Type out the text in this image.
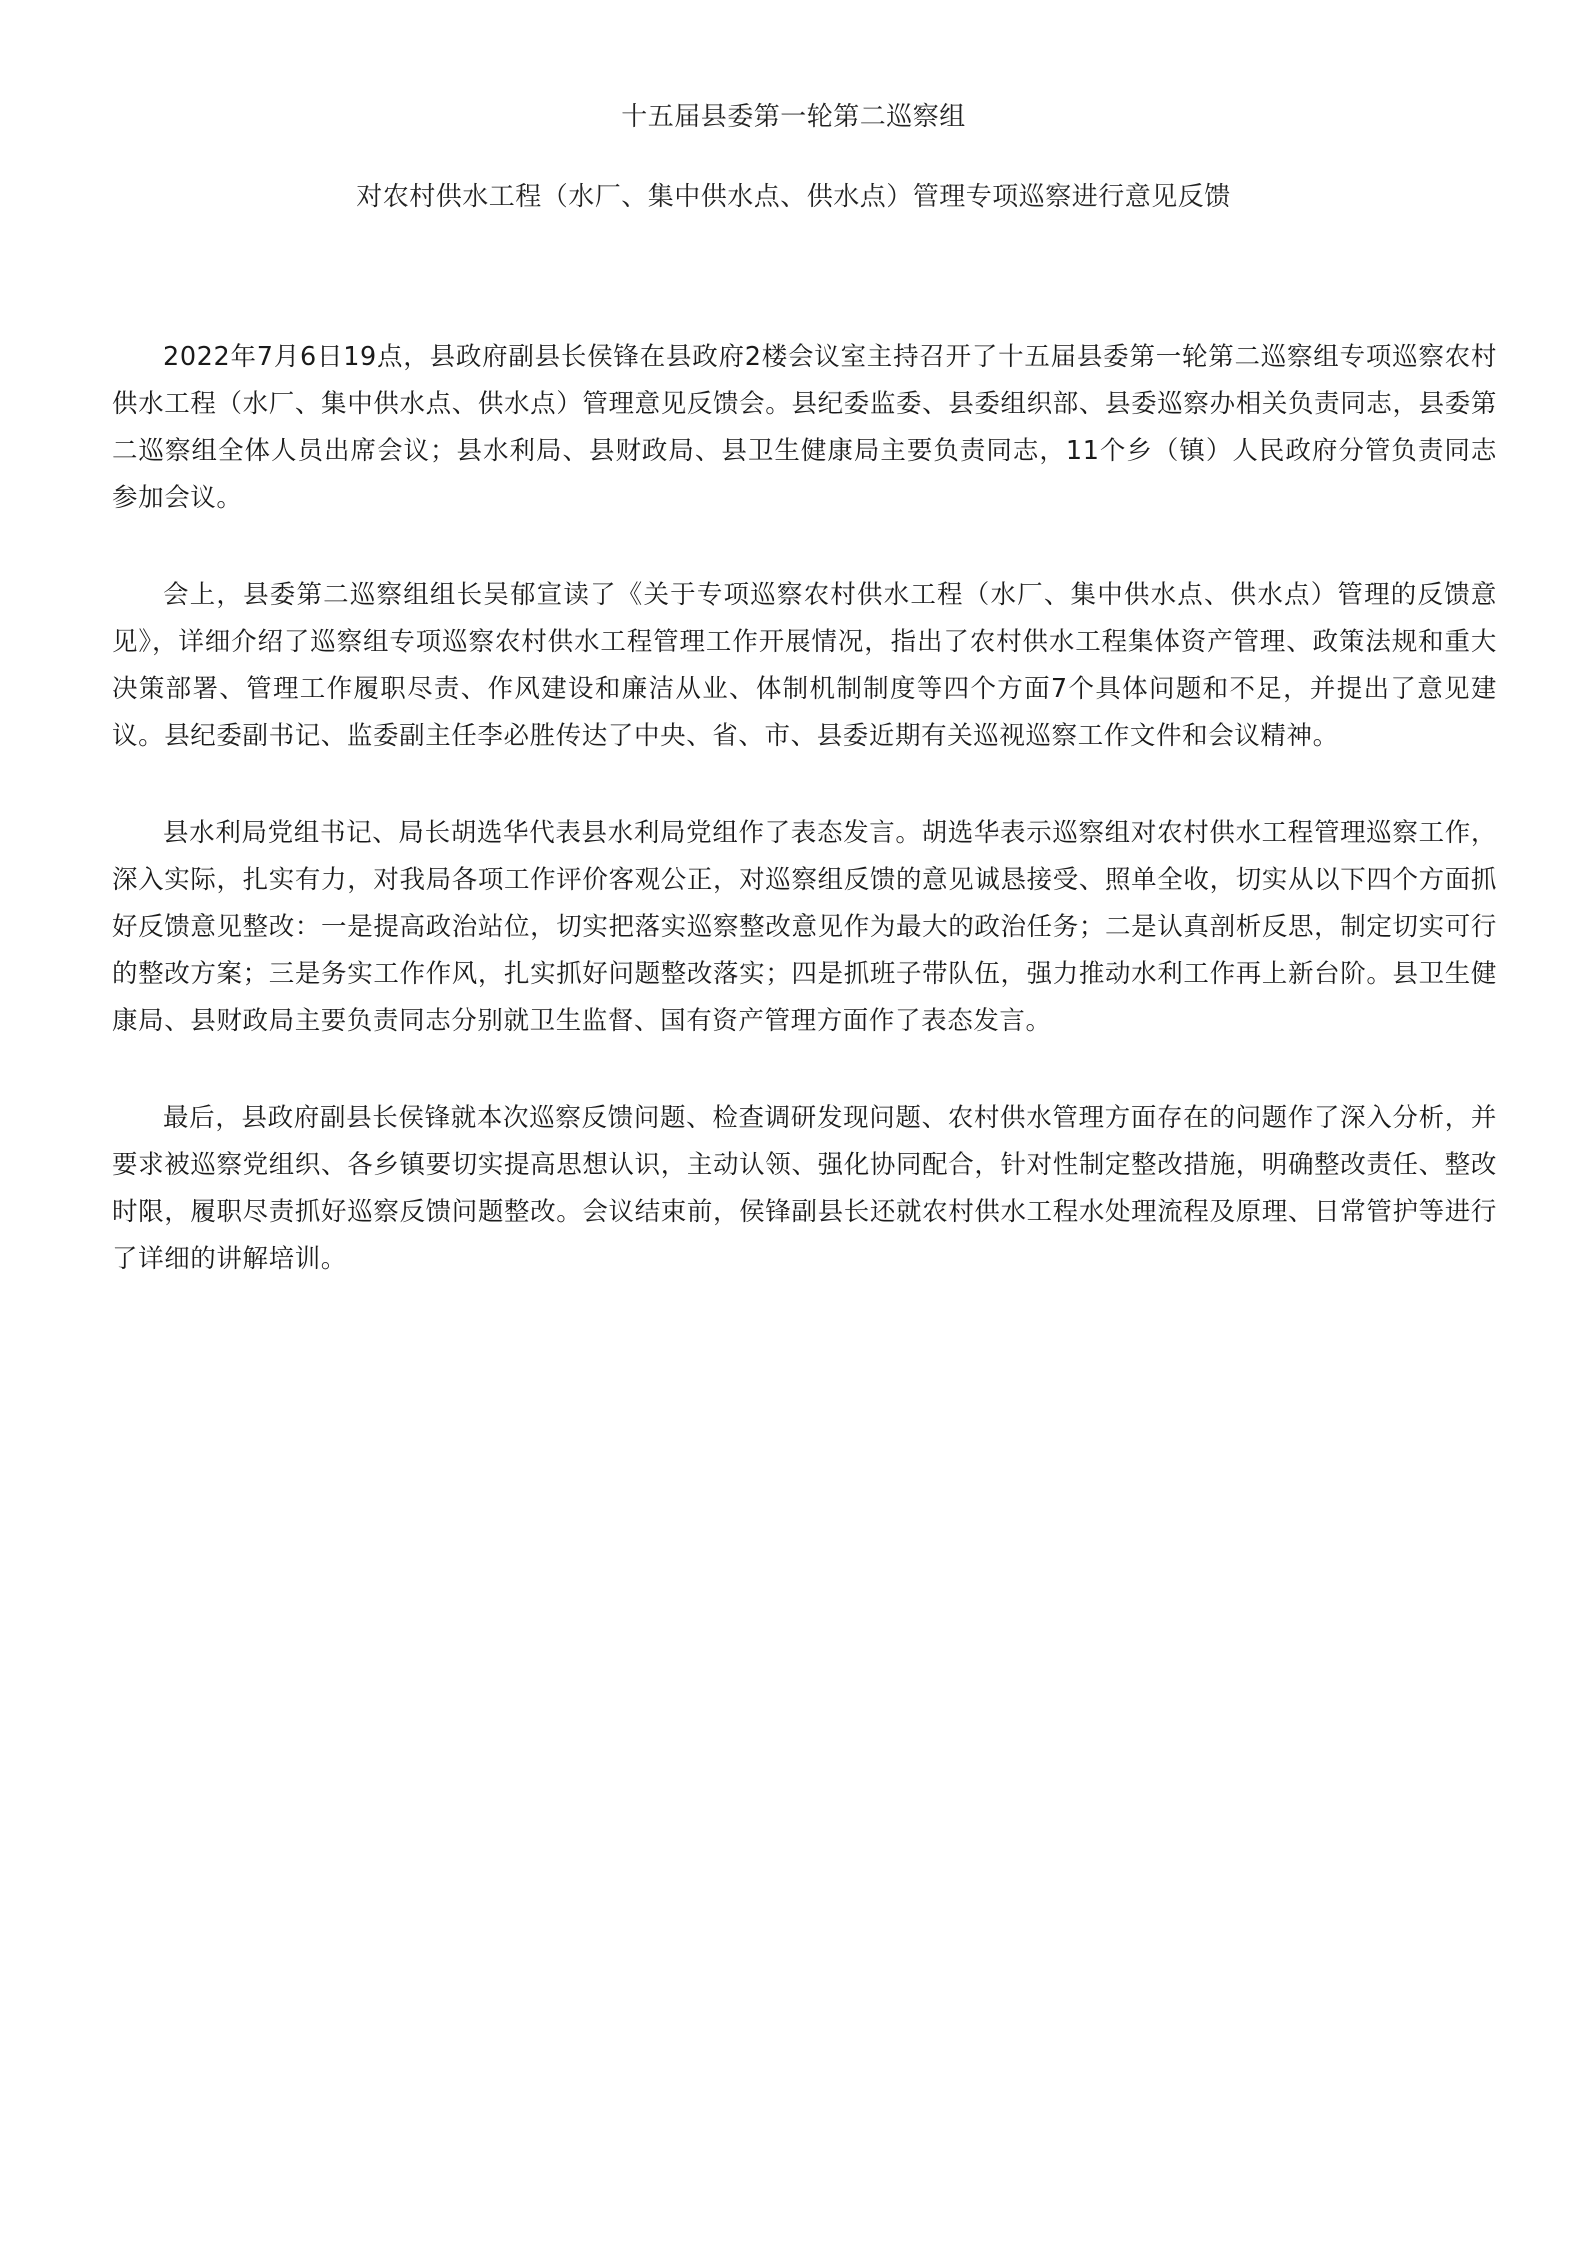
十五届县委第一轮第二巡察组
对农村供水工程（水厂、集中供水点、供水点）管理专项巡察进行意见反馈

2022年7月6日19点，县政府副县长侯锋在县政府2楼会议室主持召开了十五届县委第一轮第二巡察组专项巡察农村供水工程（水厂、集中供水点、供水点）管理意见反馈会。县纪委监委、县委组织部、县委巡察办相关负责同志，县委第二巡察组全体人员出席会议；县水利局、县财政局、县卫生健康局主要负责同志，11个乡（镇）人民政府分管负责同志参加会议。

会上，县委第二巡察组组长吴郁宣读了《关于专项巡察农村供水工程（水厂、集中供水点、供水点）管理的反馈意见》，详细介绍了巡察组专项巡察农村供水工程管理工作开展情况，指出了农村供水工程集体资产管理、政策法规和重大决策部署、管理工作履职尽责、作风建设和廉洁从业、体制机制制度等四个方面7个具体问题和不足，并提出了意见建议。县纪委副书记、监委副主任李必胜传达了中央、省、市、县委近期有关巡视巡察工作文件和会议精神。

县水利局党组书记、局长胡选华代表县水利局党组作了表态发言。胡选华表示巡察组对农村供水工程管理巡察工作，深入实际，扎实有力，对我局各项工作评价客观公正，对巡察组反馈的意见诚恳接受、照单全收，切实从以下四个方面抓好反馈意见整改：一是提高政治站位，切实把落实巡察整改意见作为最大的政治任务；二是认真剖析反思，制定切实可行的整改方案；三是务实工作作风，扎实抓好问题整改落实；四是抓班子带队伍，强力推动水利工作再上新台阶。县卫生健康局、县财政局主要负责同志分别就卫生监督、国有资产管理方面作了表态发言。

最后，县政府副县长侯锋就本次巡察反馈问题、检查调研发现问题、农村供水管理方面存在的问题作了深入分析，并要求被巡察党组织、各乡镇要切实提高思想认识，主动认领、强化协同配合，针对性制定整改措施，明确整改责任、整改时限，履职尽责抓好巡察反馈问题整改。会议结束前，侯锋副县长还就农村供水工程水处理流程及原理、日常管护等进行了详细的讲解培训。
